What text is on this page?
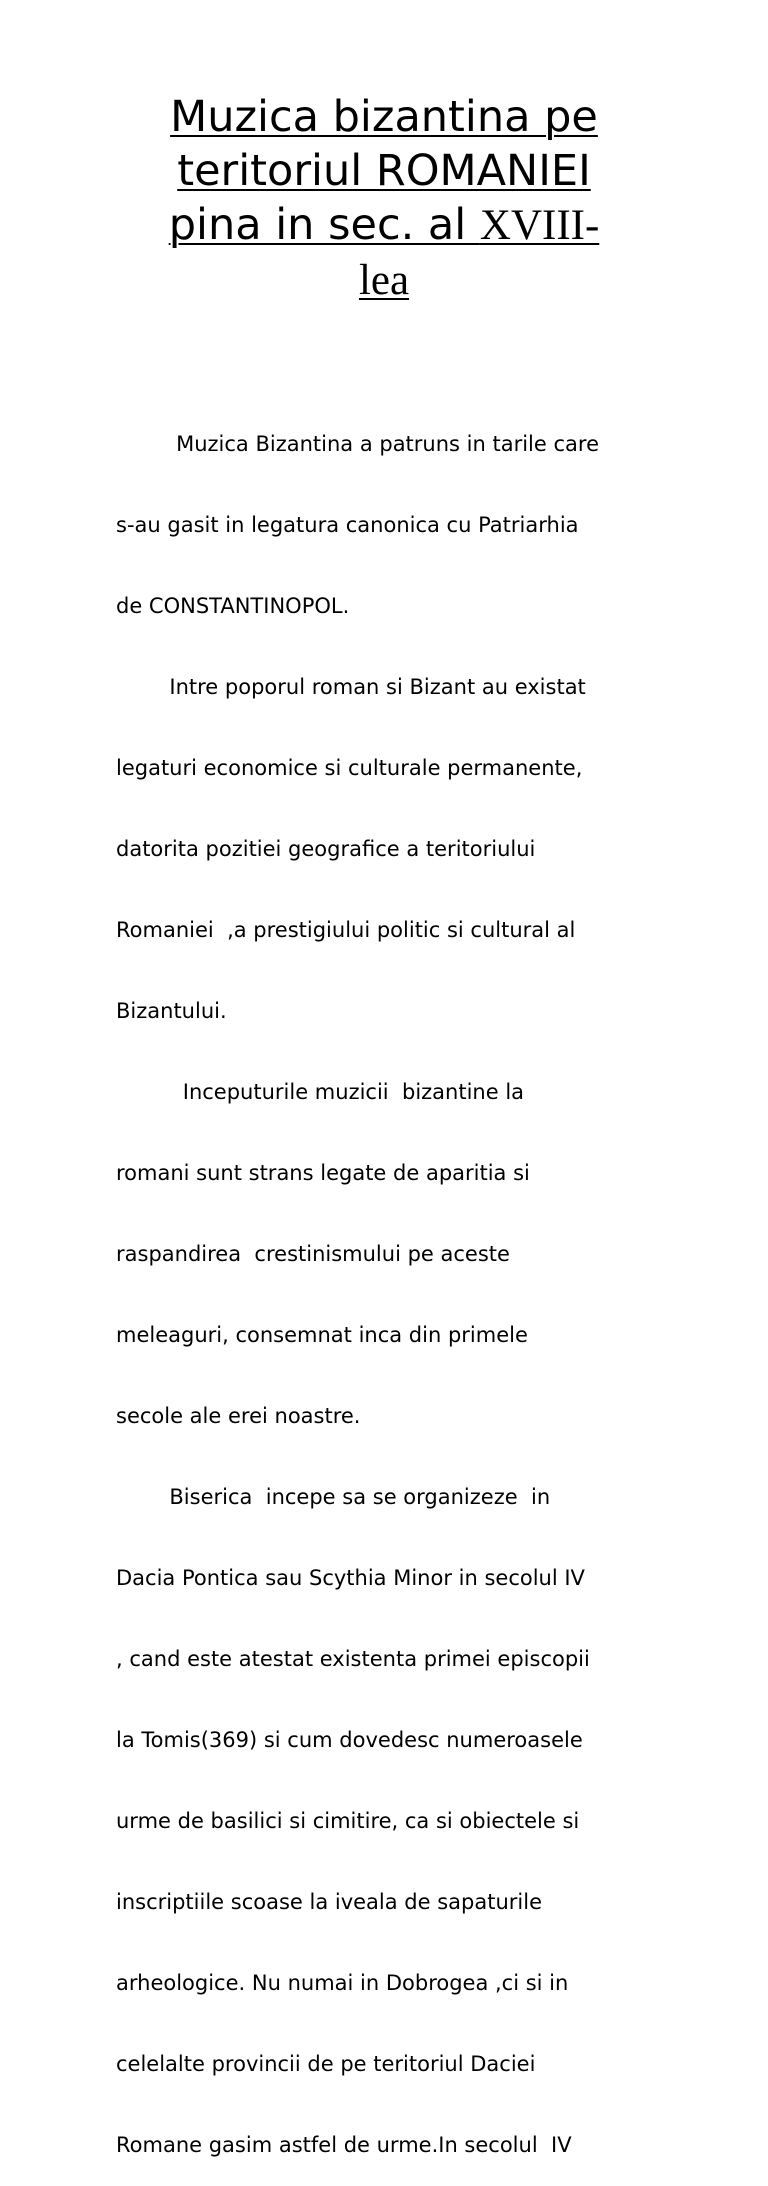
Muzica bizantina pe
teritoriul ROMANIEI
pina in sec. al XVIII-
lea

Muzica Bizantina a patruns in tarile care

s-au gasit in legatura canonica cu Patriarhia

de CONSTANTINOPOL.

Intre poporul roman si Bizant au existat

legaturi economice si culturale permanente,

datorita pozitiei geografice a teritoriului

Romaniei  ,a prestigiului politic si cultural al

Bizantului.

Inceputurile muzicii  bizantine la

romani sunt strans legate de aparitia si

raspandirea  crestinismului pe aceste

meleaguri, consemnat inca din primele

secole ale erei noastre.

Biserica  incepe sa se organizeze  in

Dacia Pontica sau Scythia Minor in secolul IV

, cand este atestat existenta primei episcopii

la Tomis(369) si cum dovedesc numeroasele

urme de basilici si cimitire, ca si obiectele si

inscriptiile scoase la iveala de sapaturile

arheologice. Nu numai in Dobrogea ,ci si in

celelalte provincii de pe teritoriul Daciei

Romane gasim astfel de urme.In secolul  IV
